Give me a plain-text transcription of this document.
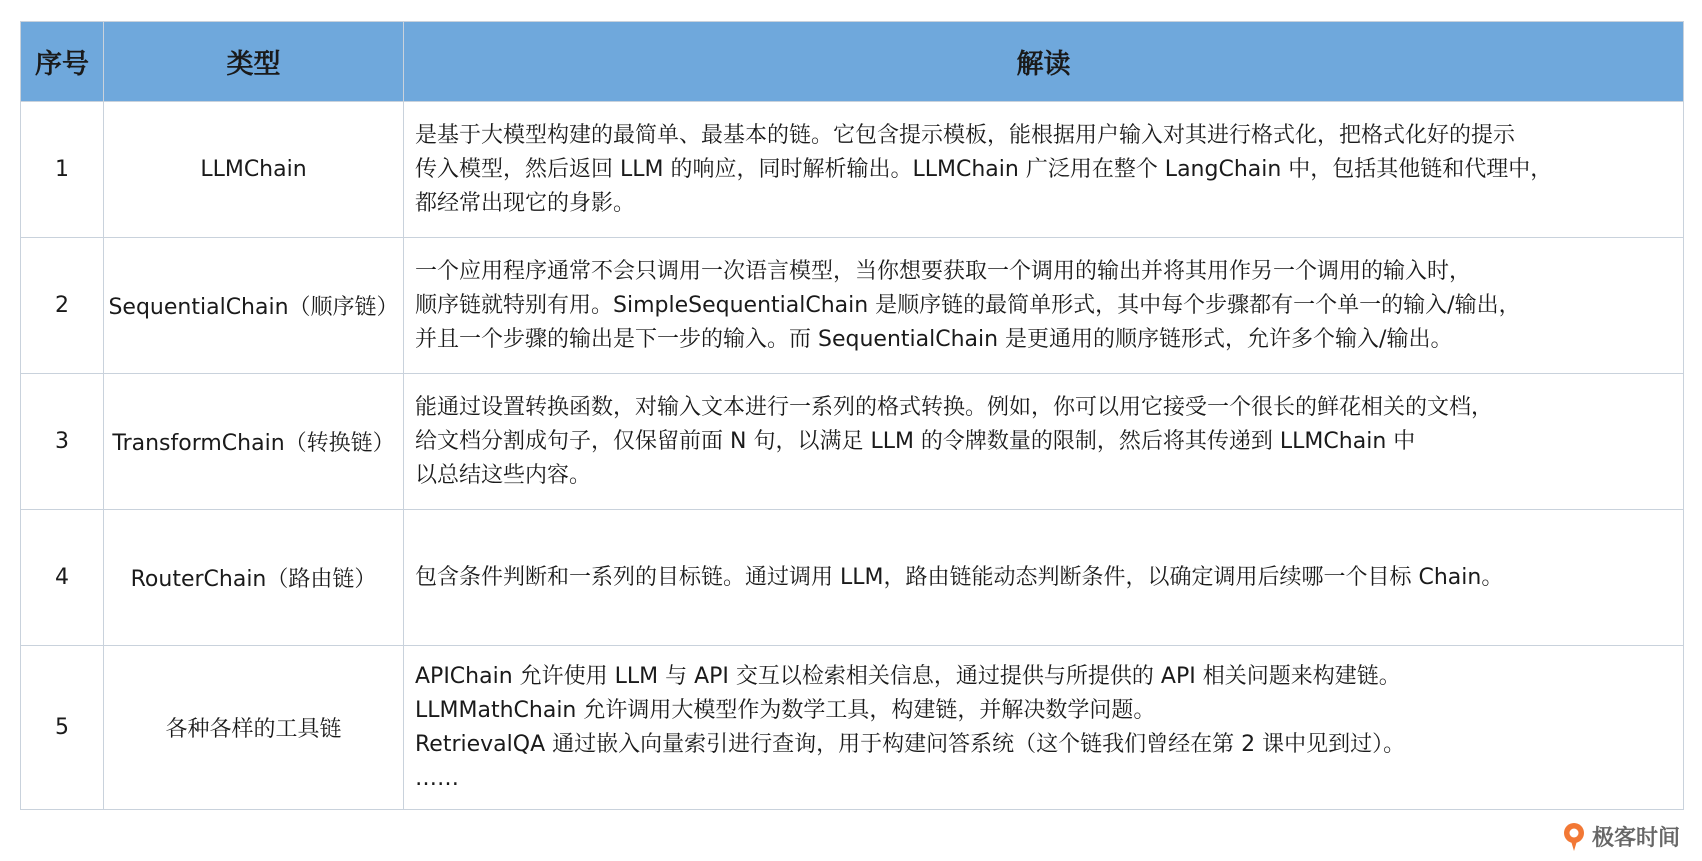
序号	类型	解读
1	LLMChain	是基于大模型构建的最简单、最基本的链。它包含提示模板，能根据用户输入对其进行格式化，把格式化好的提示
传入模型，然后返回 LLM 的响应，同时解析输出。LLMChain 广泛用在整个 LangChain 中，包括其他链和代理中，
都经常出现它的身影。

2	SequentialChain（顺序链）	一个应用程序通常不会只调用一次语言模型，当你想要获取一个调用的输出并将其用作另一个调用的输入时，
顺序链就特别有用。SimpleSequentialChain 是顺序链的最简单形式，其中每个步骤都有一个单一的输入/输出，
并且一个步骤的输出是下一步的输入。而 SequentialChain 是更通用的顺序链形式，允许多个输入/输出。

3	TransformChain（转换链）	能通过设置转换函数，对输入文本进行一系列的格式转换。例如，你可以用它接受一个很长的鲜花相关的文档，
给文档分割成句子，仅保留前面 N 句，以满足 LLM 的令牌数量的限制，然后将其传递到 LLMChain 中
以总结这些内容。

4	RouterChain（路由链）	包含条件判断和一系列的目标链。通过调用 LLM，路由链能动态判断条件，以确定调用后续哪一个目标 Chain。

5	各种各样的工具链	APIChain 允许使用 LLM 与 API 交互以检索相关信息，通过提供与所提供的 API 相关问题来构建链。
LLMMathChain 允许调用大模型作为数学工具，构建链，并解决数学问题。
RetrievalQA 通过嵌入向量索引进行查询，用于构建问答系统（这个链我们曾经在第 2 课中见到过）。
……
极客时间
